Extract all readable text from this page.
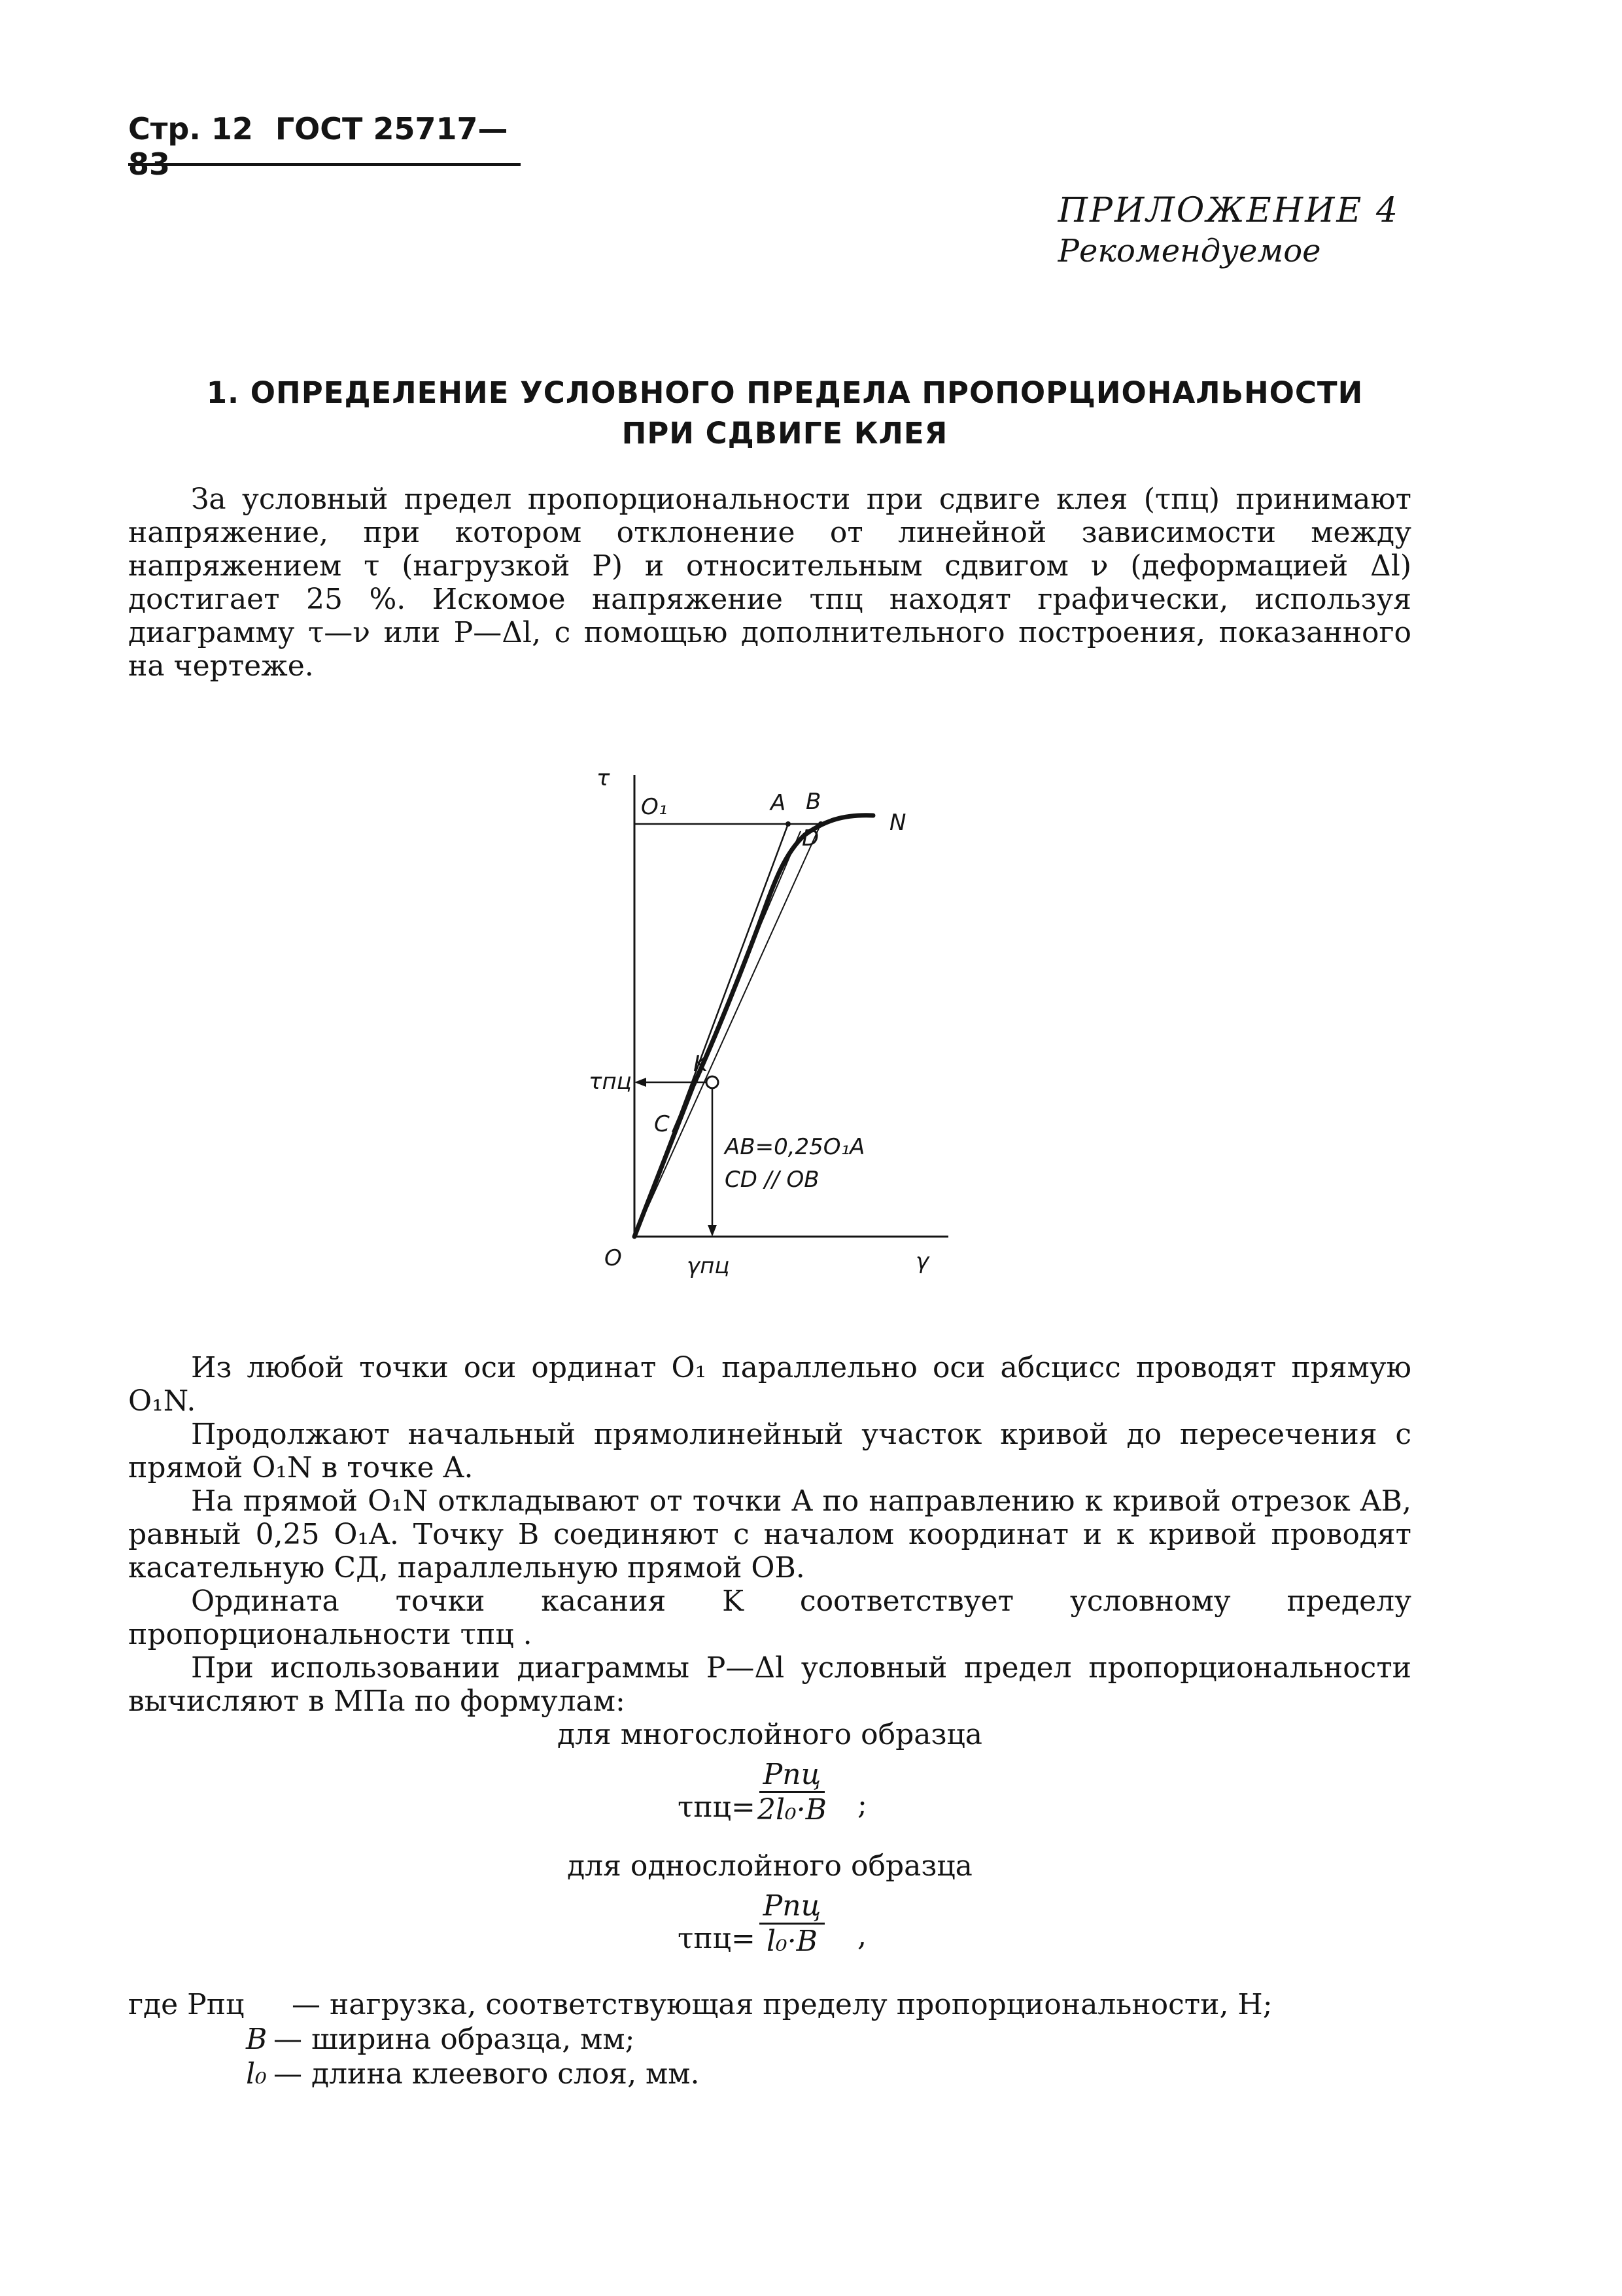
Стр. 12 ГОСТ 25717—83
ПРИЛОЖЕНИЕ 4
Рекомендуемое
1. ОПРЕДЕЛЕНИЕ УСЛОВНОГО ПРЕДЕЛА ПРОПОРЦИОНАЛЬНОСТИ
ПРИ СДВИГЕ КЛЕЯ

За условный предел пропорциональности при сдвиге клея (τпц) принимают напряжение, при котором отклонение от линейной зависимости между напряжением τ (нагрузкой P) и относительным сдвигом ν (деформацией Δl) достигает 25 %. Искомое напряжение τпц находят графически, используя диаграмму τ—ν или P—Δl, с помощью дополнительного построения, показанного на чертеже.

τ
O₁	A B
N
D
K
C
τпц
O	γпц	γ
AB=0,25O₁A
CD // OB

Из любой точки оси ординат O₁ параллельно оси абсцисс проводят прямую O₁N.

Продолжают начальный прямолинейный участок кривой до пересечения с прямой O₁N в точке A.

На прямой O₁N откладывают от точки A по направлению к кривой отрезок AB, равный 0,25 O₁A. Точку B соединяют с началом координат и к кривой проводят касательную CД, параллельную прямой OB.

Ордината точки касания K соответствует условному пределу пропорциональности τпц .

При использовании диаграммы P—Δl условный предел пропорциональности вычисляют в МПа по формулам:

для многослойного образца

τпц=
Pпц
2l₀·B	;

для однослойного образца

τпц=
Pпц
l₀·B	,
где Pпц — нагрузка, соответствующая пределу пропорциональности, Н;
B — ширина образца, мм;
l₀ — длина клеевого слоя, мм.
